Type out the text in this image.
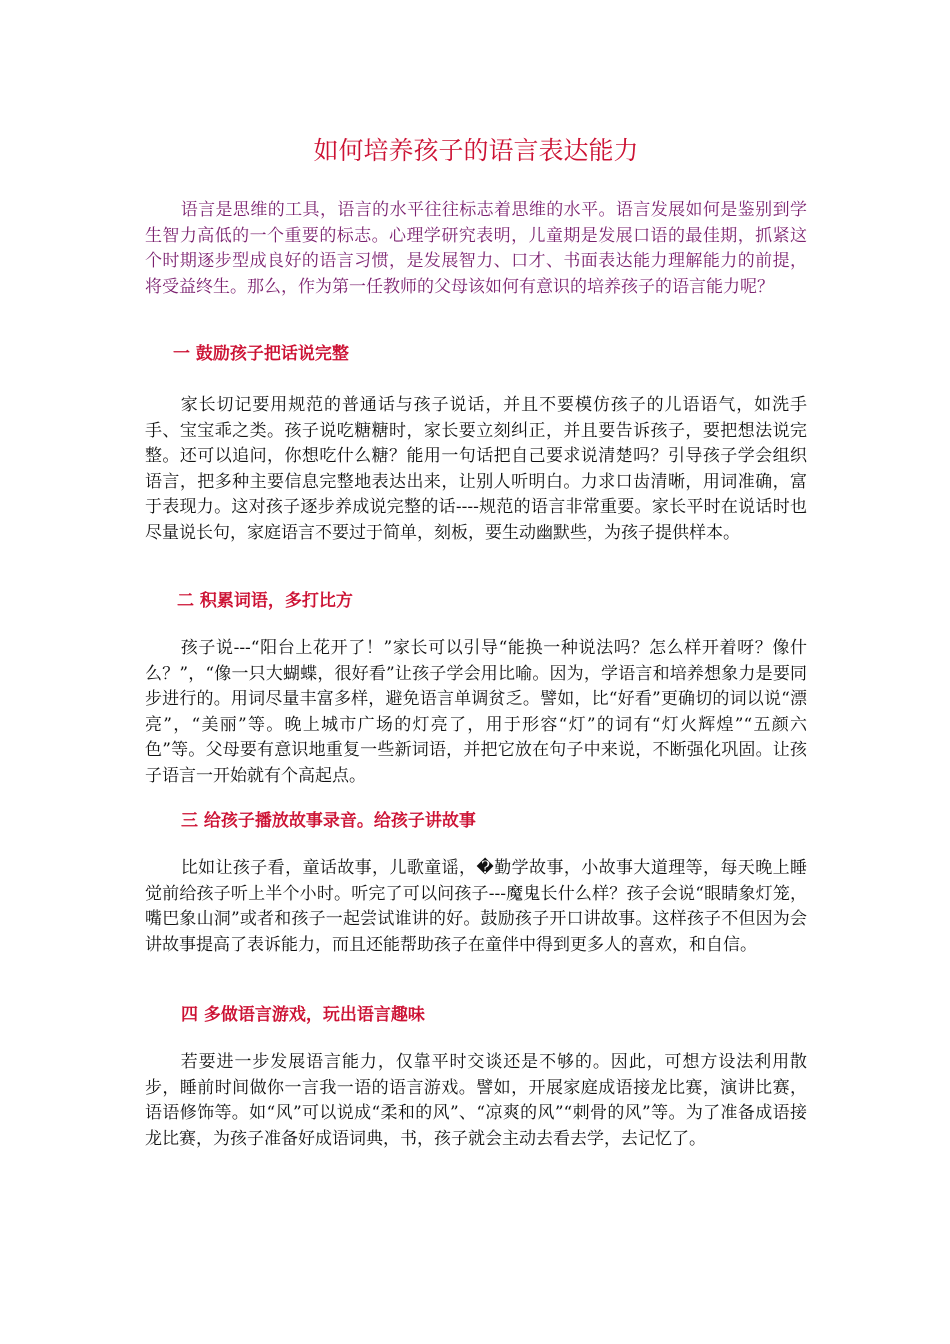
如何培养孩子的语言表达能力

语言是思维的工具，语言的水平往往标志着思维的水平。语言发展如何是鉴别到学生智力高低的一个重要的标志。心理学研究表明，儿童期是发展口语的最佳期，抓紧这个时期逐步型成良好的语言习惯，是发展智力、口才、书面表达能力理解能力的前提，将受益终生。那么，作为第一任教师的父母该如何有意识的培养孩子的语言能力呢？

一 鼓励孩子把话说完整

家长切记要用规范的普通话与孩子说话，并且不要模仿孩子的儿语语气，如洗手手、宝宝乖之类。孩子说吃糖糖时，家长要立刻纠正，并且要告诉孩子，要把想法说完整。还可以追问，你想吃什么糖？能用一句话把自己要求说清楚吗？引导孩子学会组织语言，把多种主要信息完整地表达出来，让别人听明白。力求口齿清晰，用词准确，富于表现力。这对孩子逐步养成说完整的话----规范的语言非常重要。家长平时在说话时也尽量说长句，家庭语言不要过于简单，刻板，要生动幽默些，为孩子提供样本。

二 积累词语，多打比方

孩子说---“阳台上花开了！”家长可以引导“能换一种说法吗？怎么样开着呀？像什么？”，“像一只大蝴蝶，很好看”让孩子学会用比喻。因为，学语言和培养想象力是要同步进行的。用词尽量丰富多样，避免语言单调贫乏。譬如，比“好看”更确切的词以说“漂亮”，“美丽”等。晚上城市广场的灯亮了，用于形容“灯”的词有“灯火辉煌”“五颜六色”等。父母要有意识地重复一些新词语，并把它放在句子中来说，不断强化巩固。让孩子语言一开始就有个高起点。

三 给孩子播放故事录音。给孩子讲故事

比如让孩子看，童话故事，儿歌童谣，�勤学故事，小故事大道理等，每天晚上睡觉前给孩子听上半个小时。听完了可以问孩子---魔鬼长什么样？孩子会说“眼睛象灯笼，嘴巴象山洞”或者和孩子一起尝试谁讲的好。鼓励孩子开口讲故事。这样孩子不但因为会讲故事提高了表诉能力，而且还能帮助孩子在童伴中得到更多人的喜欢，和自信。

四 多做语言游戏，玩出语言趣味

若要进一步发展语言能力，仅靠平时交谈还是不够的。因此，可想方设法利用散步，睡前时间做你一言我一语的语言游戏。譬如，开展家庭成语接龙比赛，演讲比赛，语语修饰等。如“风”可以说成“柔和的风”、“凉爽的风”“刺骨的风”等。为了准备成语接龙比赛，为孩子准备好成语词典，书，孩子就会主动去看去学，去记忆了。
